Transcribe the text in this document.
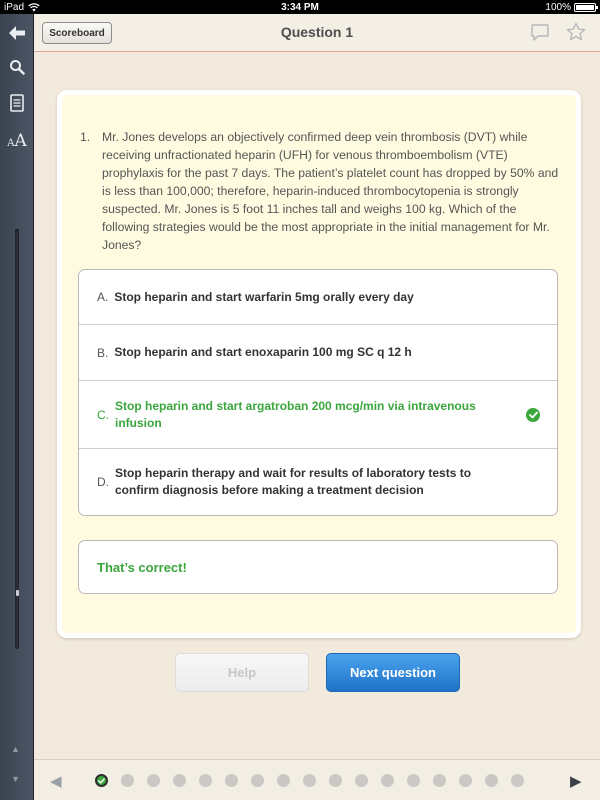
iPad	3:34 PM	100%
A A
▲
▼
Scoreboard	Question 1
1. Mr. Jones develops an objectively confirmed deep vein thrombosis (DVT) while receiving unfractionated heparin (UFH) for venous thromboembolism (VTE) prophylaxis for the past 7 days. The patient’s platelet count has dropped by 50% and is less than 100,000; therefore, heparin-induced thrombocytopenia is strongly suspected. Mr. Jones is 5 foot 11 inches tall and weighs 100 kg. Which of the following strategies would be the most appropriate in the initial management for Mr. Jones?
A. Stop heparin and start warfarin 5mg orally every day
B. Stop heparin and start enoxaparin 100 mg SC q 12 h
C.
Stop heparin and start argatroban 200 mcg/min via intravenous infusion
D.
Stop heparin therapy and wait for results of laboratory tests to confirm diagnosis before making a treatment decision
That’s correct!
Help	Next question
◀	▶
